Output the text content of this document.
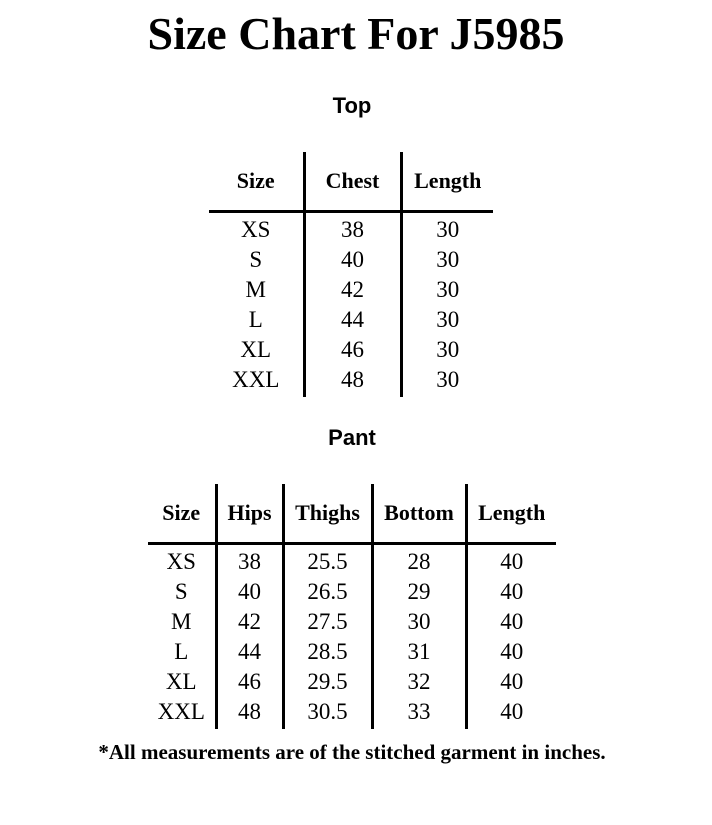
Size Chart For J5985
Top
Size	Chest	Length
XS	38	30
S	40	30
M	42	30
L	44	30
XL	46	30
XXL	48	30
Pant
Size	Hips	Thighs	Bottom	Length
XS	38	25.5	28	40
S	40	26.5	29	40
M	42	27.5	30	40
L	44	28.5	31	40
XL	46	29.5	32	40
XXL	48	30.5	33	40
*All measurements are of the stitched garment in inches.
